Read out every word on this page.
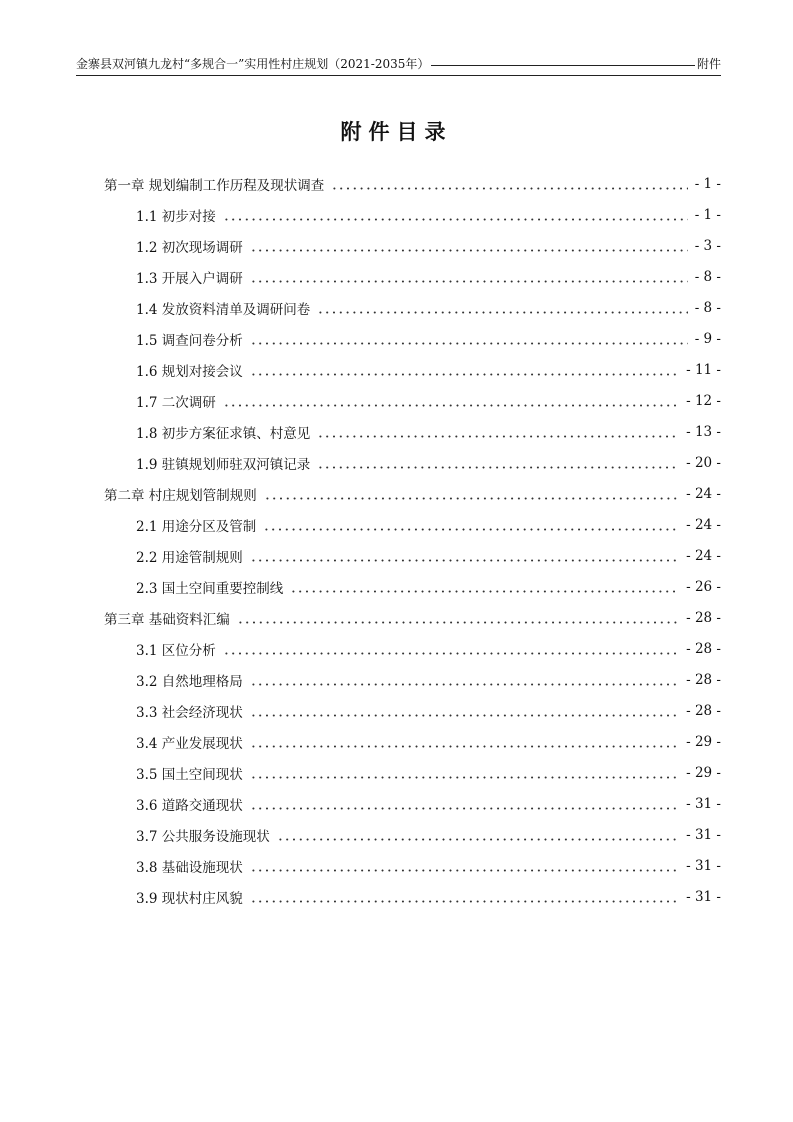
金寨县双河镇九龙村“多规合一”实用性村庄规划（2021-2035年）	附件
附件目录
第一章 规划编制工作历程及现状调查	- 1 -
1.1 初步对接	- 1 -
1.2 初次现场调研	- 3 -
1.3 开展入户调研	- 8 -
1.4 发放资料清单及调研问卷	- 8 -
1.5 调查问卷分析	- 9 -
1.6 规划对接会议	- 11 -
1.7 二次调研	- 12 -
1.8 初步方案征求镇、村意见	- 13 -
1.9 驻镇规划师驻双河镇记录	- 20 -
第二章 村庄规划管制规则	- 24 -
2.1 用途分区及管制	- 24 -
2.2 用途管制规则	- 24 -
2.3 国土空间重要控制线	- 26 -
第三章 基础资料汇编	- 28 -
3.1 区位分析	- 28 -
3.2 自然地理格局	- 28 -
3.3 社会经济现状	- 28 -
3.4 产业发展现状	- 29 -
3.5 国土空间现状	- 29 -
3.6 道路交通现状	- 31 -
3.7 公共服务设施现状	- 31 -
3.8 基础设施现状	- 31 -
3.9 现状村庄风貌	- 31 -
